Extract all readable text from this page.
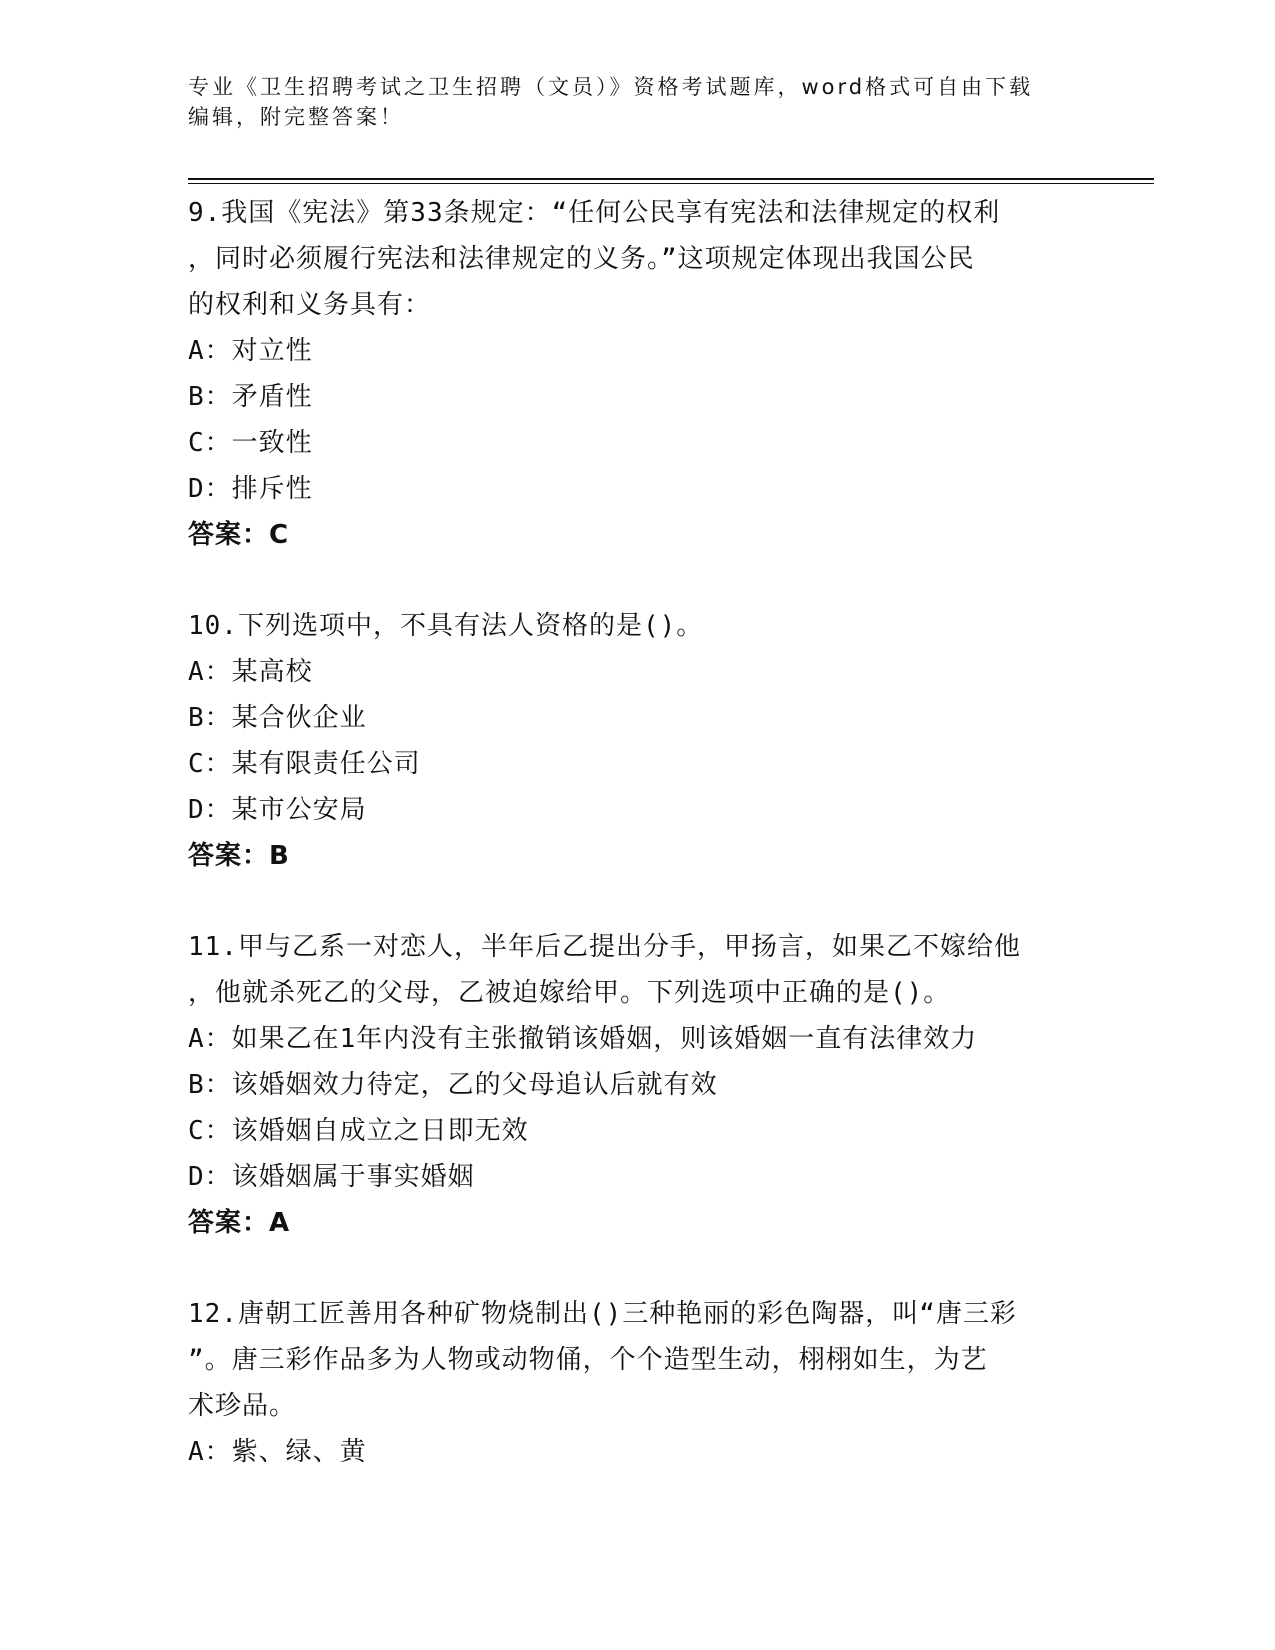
专业《卫生招聘考试之卫生招聘（文员）》资格考试题库，word格式可自由下载
编辑，附完整答案！
9.我国《宪法》第33条规定：“任何公民享有宪法和法律规定的权利
，同时必须履行宪法和法律规定的义务。”这项规定体现出我国公民
的权利和义务具有：
A：对立性
B：矛盾性
C：一致性
D：排斥性
答案：C
10.下列选项中，不具有法人资格的是()。
A：某高校
B：某合伙企业
C：某有限责任公司
D：某市公安局
答案：B
11.甲与乙系一对恋人，半年后乙提出分手，甲扬言，如果乙不嫁给他
，他就杀死乙的父母，乙被迫嫁给甲。下列选项中正确的是()。
A：如果乙在1年内没有主张撤销该婚姻，则该婚姻一直有法律效力
B：该婚姻效力待定，乙的父母追认后就有效
C：该婚姻自成立之日即无效
D：该婚姻属于事实婚姻
答案：A
12.唐朝工匠善用各种矿物烧制出()三种艳丽的彩色陶器，叫“唐三彩
”。唐三彩作品多为人物或动物俑，个个造型生动，栩栩如生，为艺
术珍品。
A：紫、绿、黄
